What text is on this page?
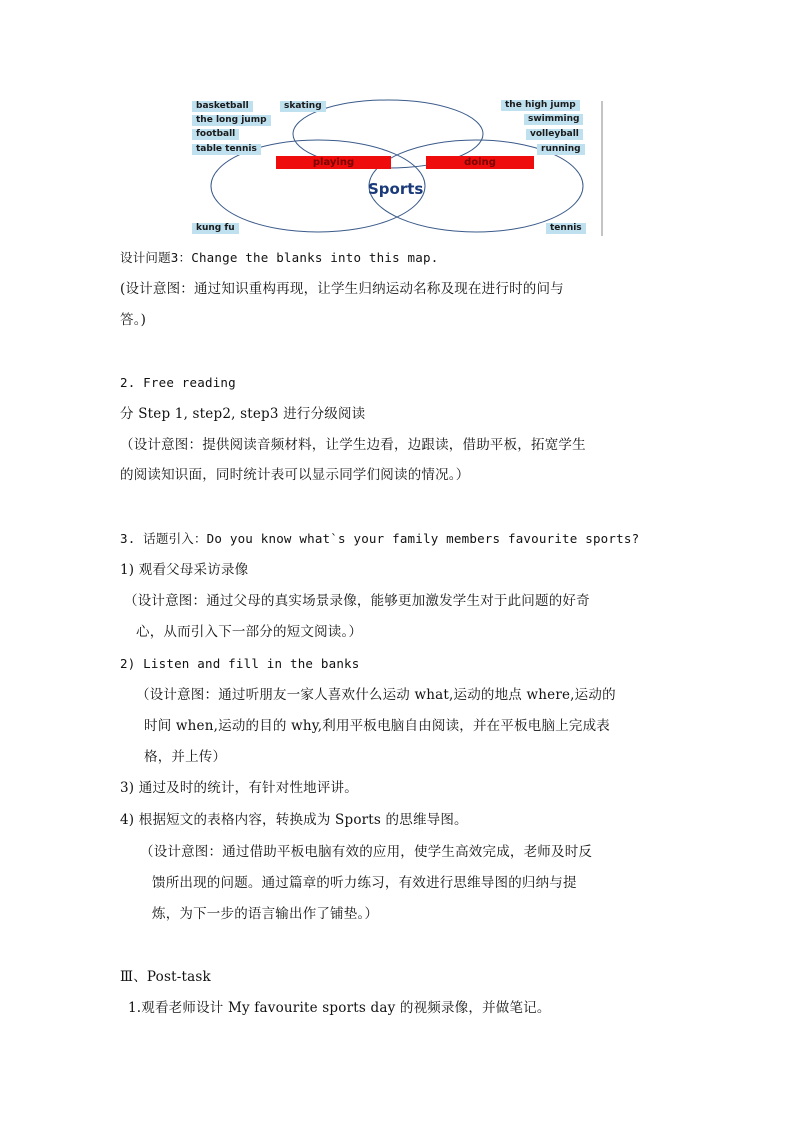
basketball	skating
the long jump
football
table tennis
the high jump
swimming
volleyball
running
playing	doing
Sports
kung fu	tennis
设计问题3：Change the blanks into this map.
(设计意图：通过知识重构再现，让学生归纳运动名称及现在进行时的问与
答。)
2. Free reading
分 Step 1, step2, step3 进行分级阅读
（设计意图：提供阅读音频材料，让学生边看，边跟读，借助平板，拓宽学生
的阅读知识面，同时统计表可以显示同学们阅读的情况。）
3. 话题引入：Do you know what`s your family members favourite sports?
1) 观看父母采访录像
（设计意图：通过父母的真实场景录像，能够更加激发学生对于此问题的好奇
心，从而引入下一部分的短文阅读。）
2) Listen and fill in the banks
（设计意图：通过听朋友一家人喜欢什么运动 what,运动的地点 where,运动的
时间 when,运动的目的 why,利用平板电脑自由阅读，并在平板电脑上完成表
格，并上传）
3) 通过及时的统计，有针对性地评讲。
4) 根据短文的表格内容，转换成为 Sports 的思维导图。
（设计意图：通过借助平板电脑有效的应用，使学生高效完成，老师及时反
馈所出现的问题。通过篇章的听力练习，有效进行思维导图的归纳与提
炼，为下一步的语言输出作了铺垫。）
Ⅲ、Post-task
1.观看老师设计 My favourite sports day 的视频录像，并做笔记。
